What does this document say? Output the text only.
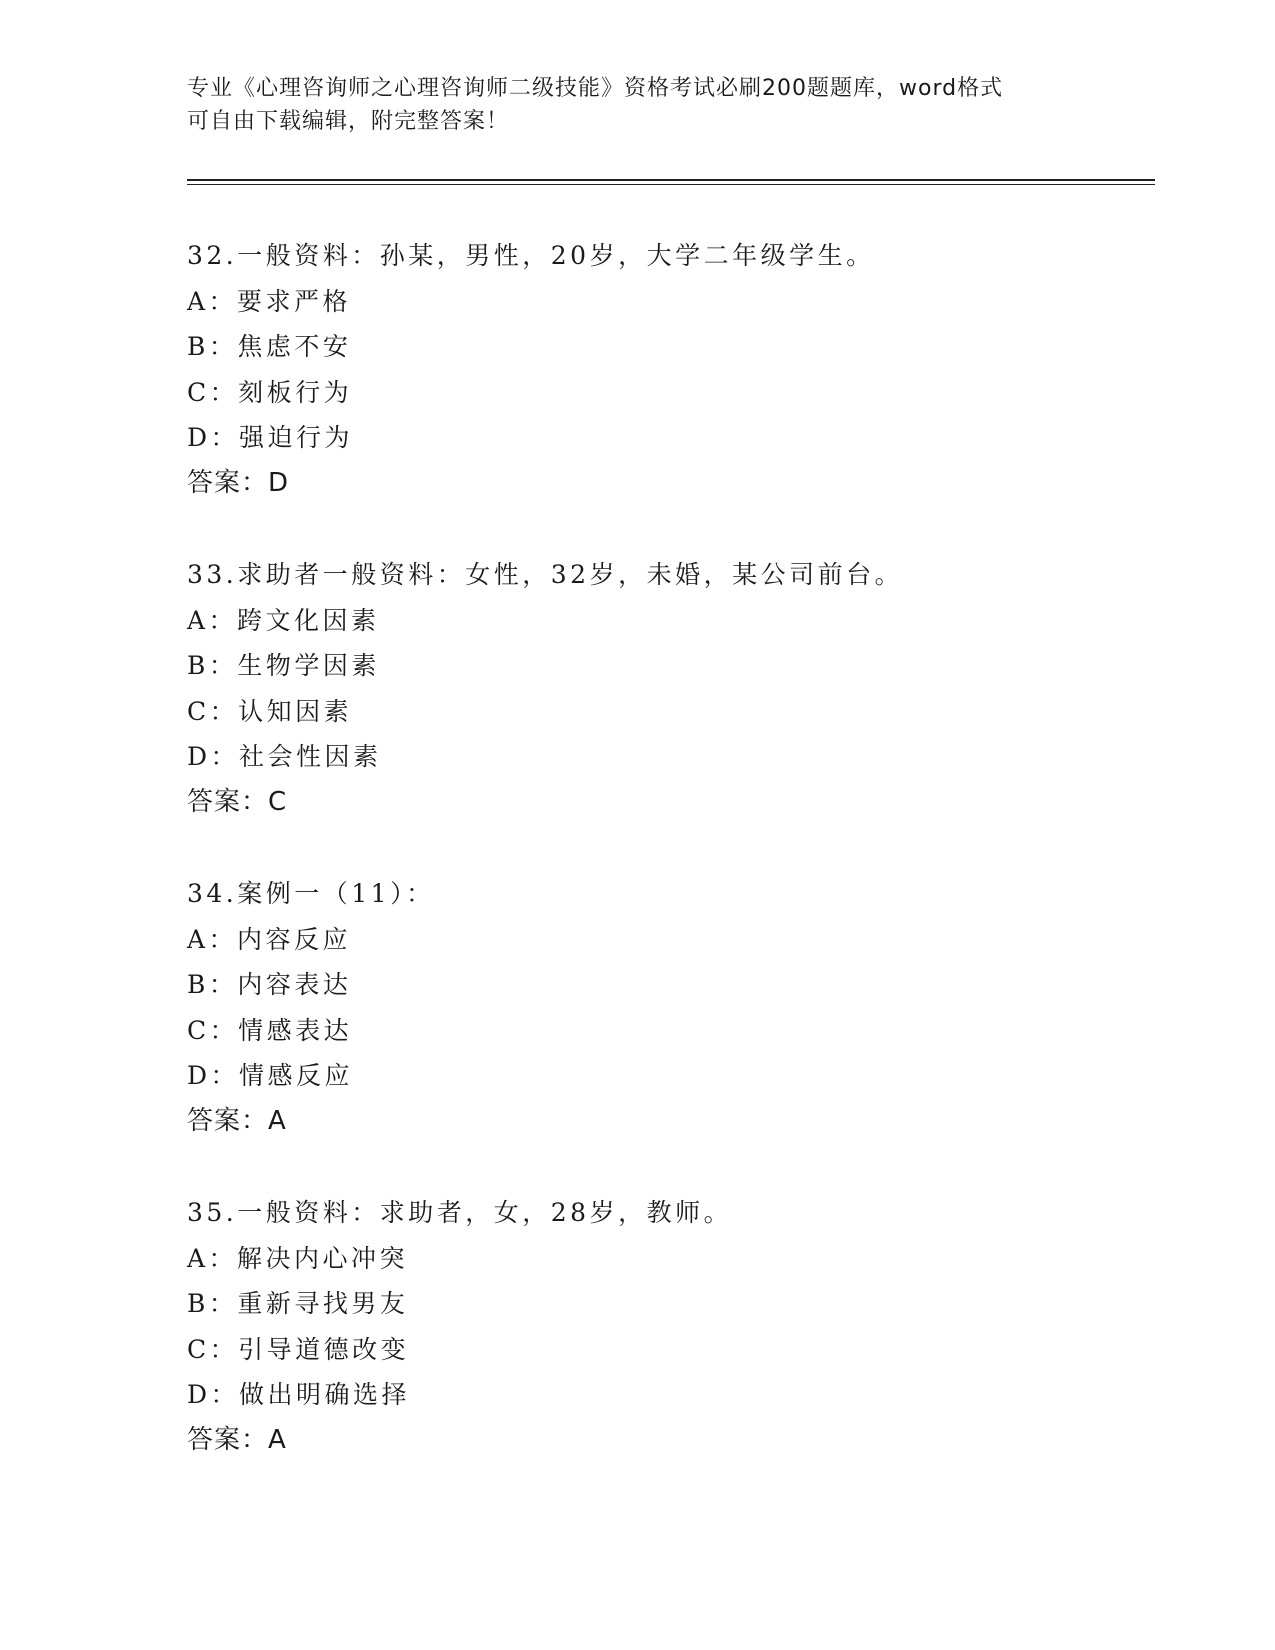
专业《心理咨询师之心理咨询师二级技能》资格考试必刷200题题库，word格式
可自由下载编辑，附完整答案！
32.一般资料：孙某，男性，20岁，大学二年级学生。
A：要求严格
B：焦虑不安
C：刻板行为
D：强迫行为
答案：D
33.求助者一般资料：女性，32岁，未婚，某公司前台。
A：跨文化因素
B：生物学因素
C：认知因素
D：社会性因素
答案：C
34.案例一（11）：
A：内容反应
B：内容表达
C：情感表达
D：情感反应
答案：A
35.一般资料：求助者，女，28岁，教师。
A：解决内心冲突
B：重新寻找男友
C：引导道德改变
D：做出明确选择
答案：A
